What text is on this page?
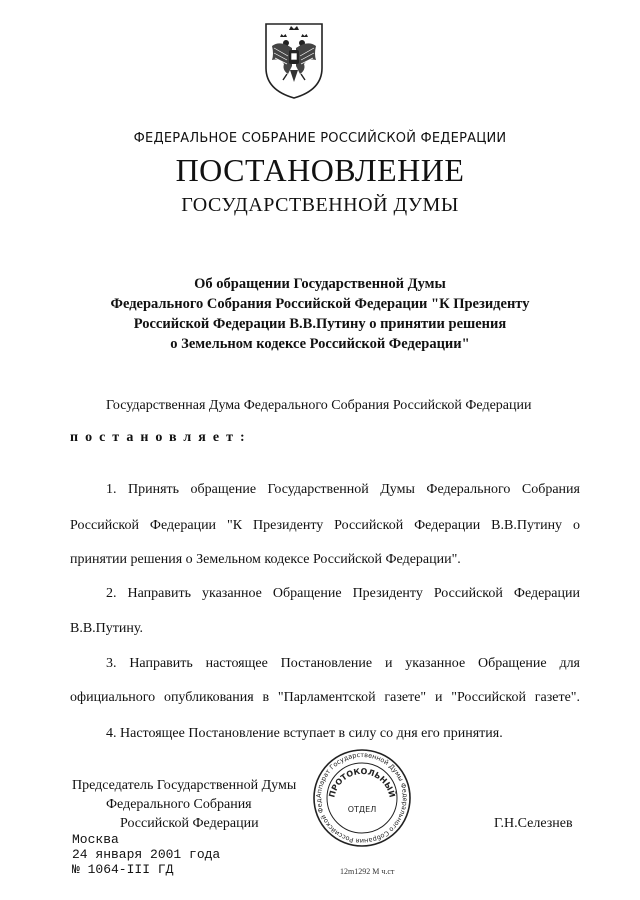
ФЕДЕРАЛЬНОЕ СОБРАНИЕ РОССИЙСКОЙ ФЕДЕРАЦИИ
ПОСТАНОВЛЕНИЕ
ГОСУДАРСТВЕННОЙ ДУМЫ
Об обращении Государственной Думы
Федерального Собрания Российской Федерации "К Президенту
Российской Федерации В.В.Путину о принятии решения
о Земельном кодексе Российской Федерации"
Государственная Дума Федерального Собрания Российской Федерации
постановляет:
1. Принять обращение Государственной Думы Федерального Собрания
Российской Федерации "К Президенту Российской Федерации В.В.Путину о
принятии решения о Земельном кодексе Российской Федерации".
2. Направить указанное Обращение Президенту Российской Федерации
В.В.Путину.
3. Направить настоящее Постановление и указанное Обращение для
официального опубликования в "Парламентской газете" и "Российской газете".
4. Настоящее Постановление вступает в силу со дня его принятия.
Председатель Государственной Думы
Федерального Собрания
Российской Федерации	Г.Н.Селезнев
Аппарат Государственной Думы Федерального Собрания Российской Фед
ПРОТОКОЛЬНЫЙ
ОТДЕЛ
Москва
24 января 2001 года
№ 1064-III ГД	12m1292 M ч.ст
